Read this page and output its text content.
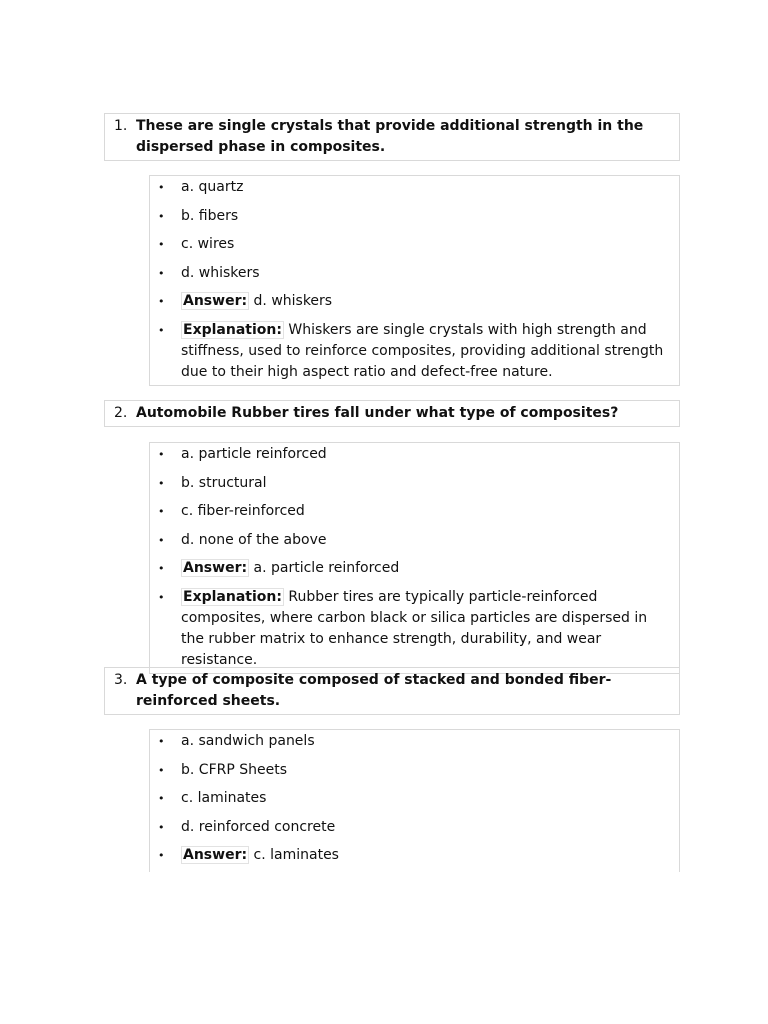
1. These are single crystals that provide additional strength in the dispersed phase in composites.
• a. quartz
• b. fibers
• c. wires
• d. whiskers
• Answer: d. whiskers
• Explanation: Whiskers are single crystals with high strength and stiffness, used to reinforce composites, providing additional strength due to their high aspect ratio and defect-free nature.
2. Automobile Rubber tires fall under what type of composites?
• a. particle reinforced
• b. structural
• c. fiber-reinforced
• d. none of the above
• Answer: a. particle reinforced
• Explanation: Rubber tires are typically particle-reinforced composites, where carbon black or silica particles are dispersed in the rubber matrix to enhance strength, durability, and wear resistance.
3. A type of composite composed of stacked and bonded fiber-reinforced sheets.
• a. sandwich panels
• b. CFRP Sheets
• c. laminates
• d. reinforced concrete
• Answer: c. laminates
